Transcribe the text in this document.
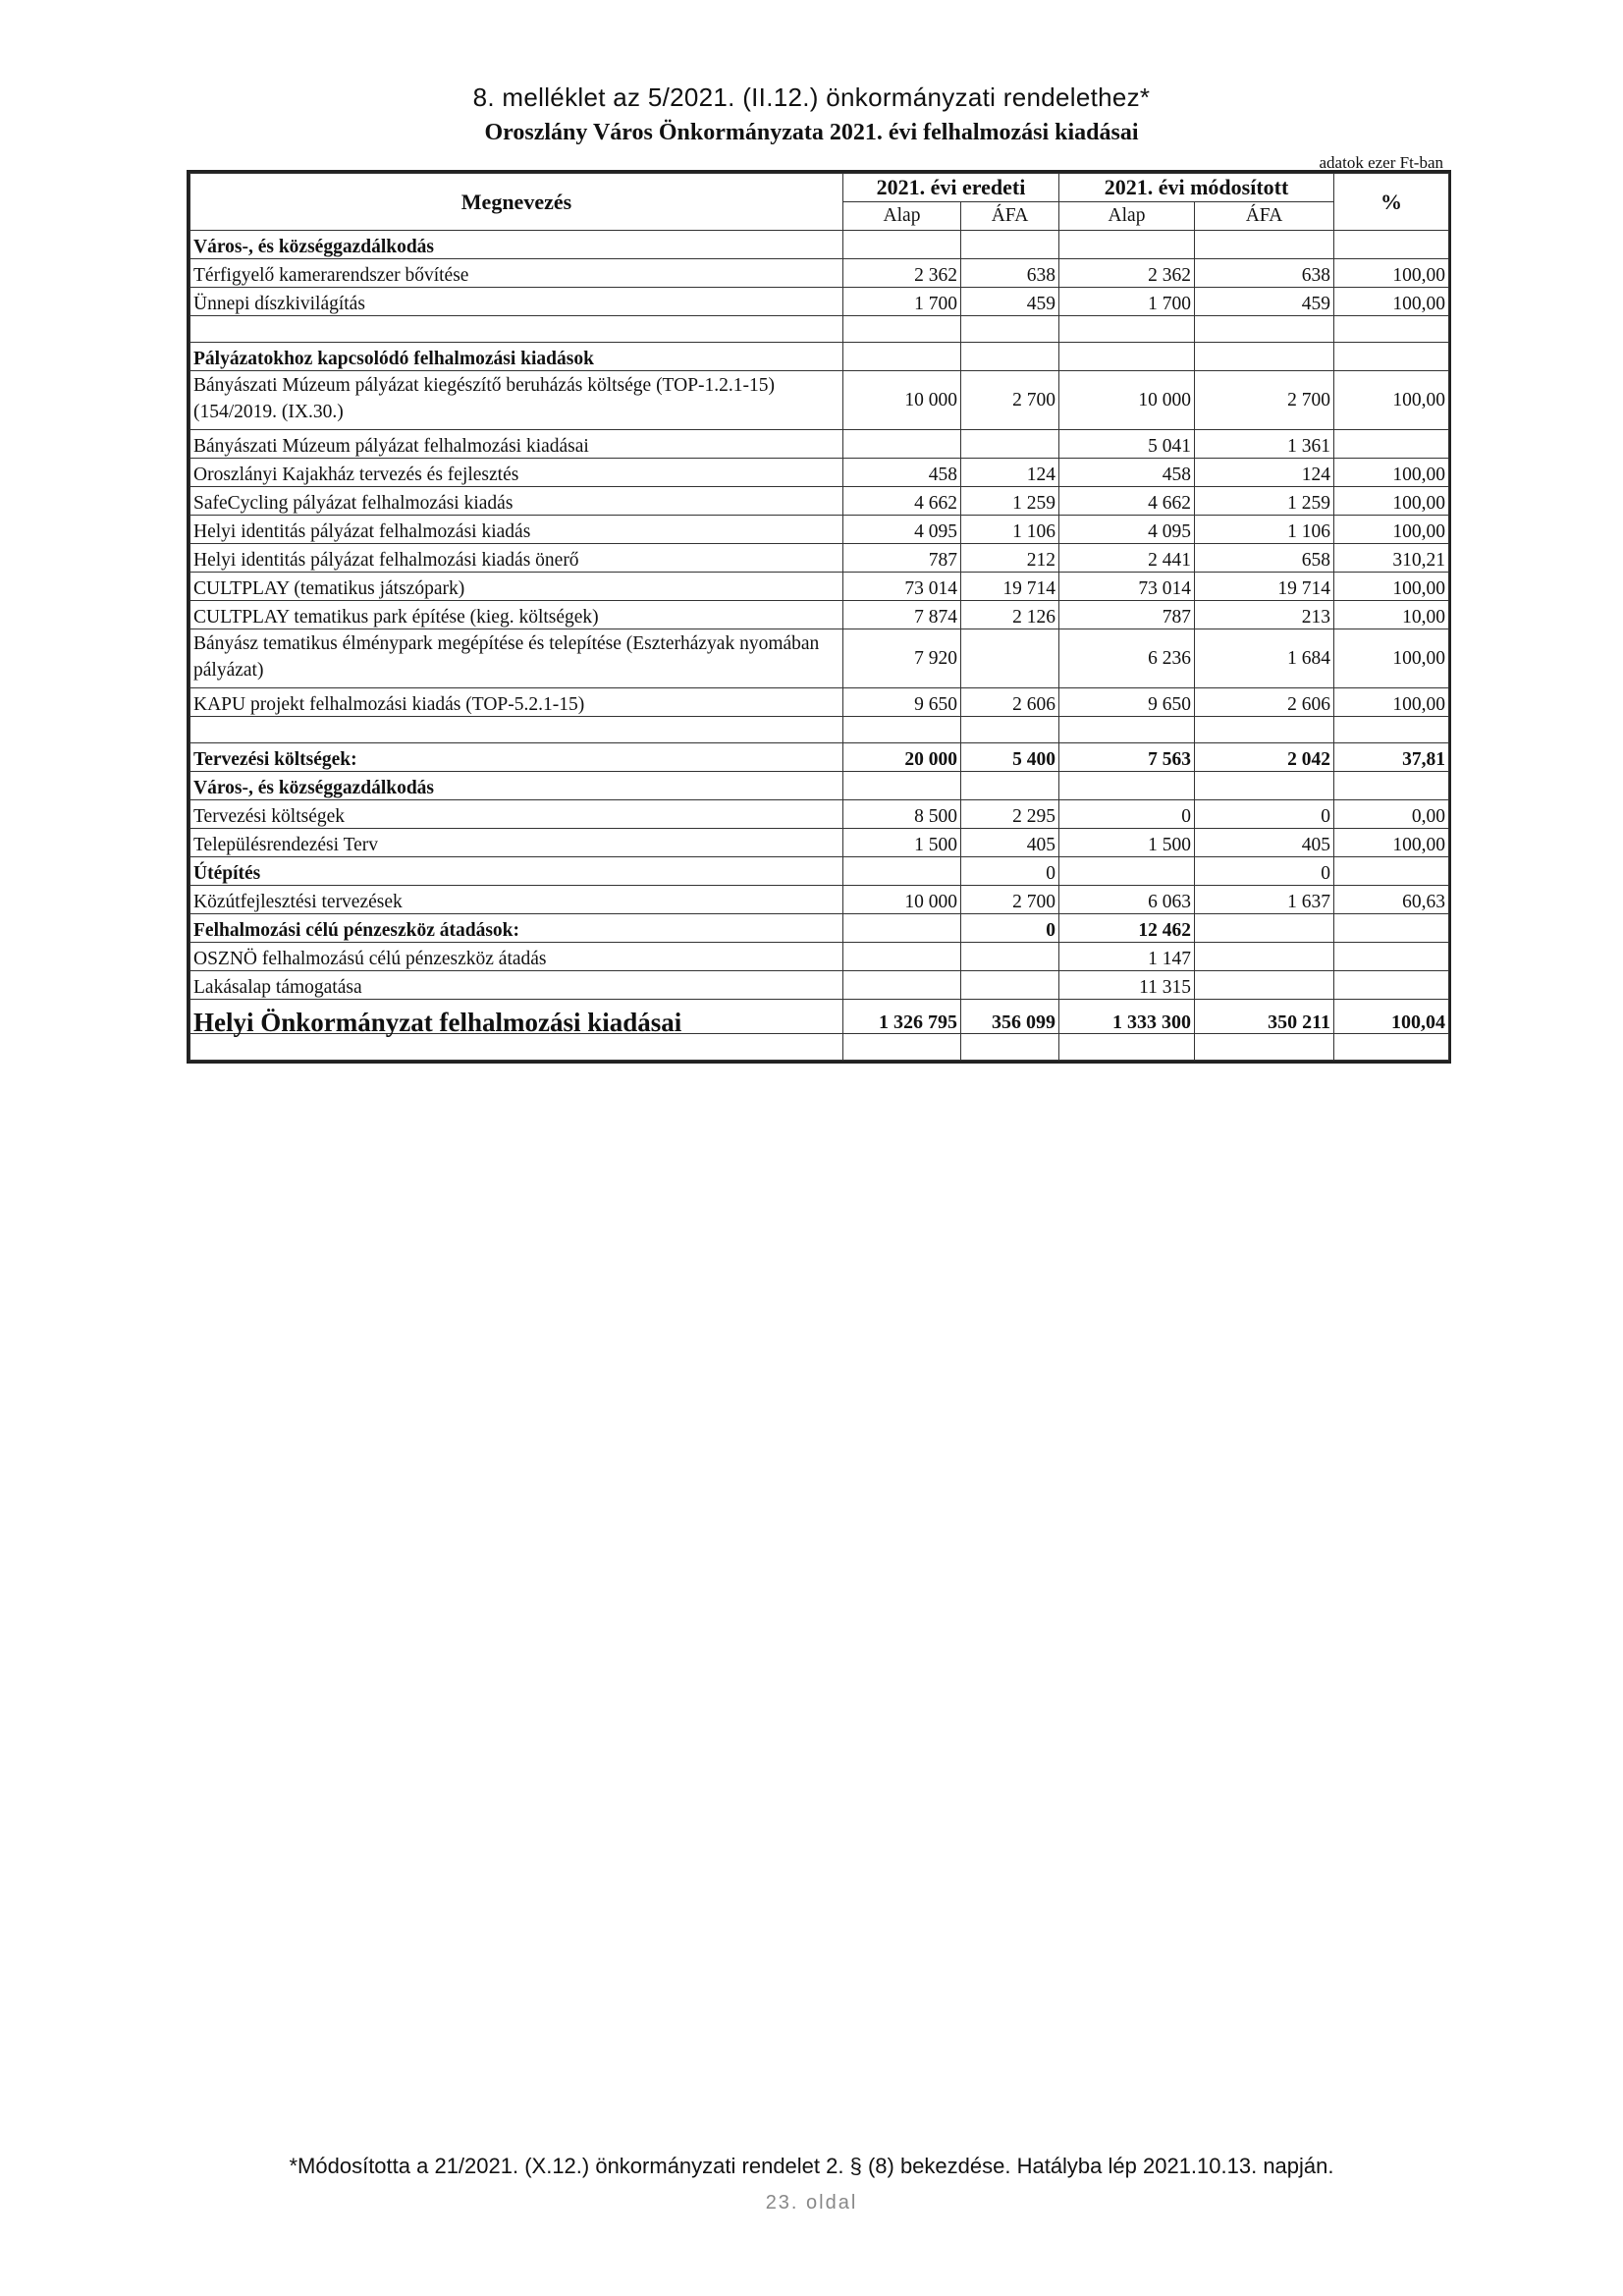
8. melléklet az 5/2021. (II.12.) önkormányzati rendelethez*
Oroszlány Város Önkormányzata 2021. évi felhalmozási kiadásai
adatok ezer Ft-ban
Megnevezés	2021. évi eredeti		2021. évi módosított		%
	Alap	ÁFA	Alap	ÁFA	
Város-, és községgazdálkodás					
Térfigyelő kamerarendszer bővítése	2 362	638	2 362	638	100,00
Ünnepi díszkivilágítás	1 700	459	1 700	459	100,00

Pályázatokhoz kapcsolódó felhalmozási kiadások					
Bányászati Múzeum pályázat kiegészítő beruházás költsége (TOP-1.2.1-15) (154/2019. (IX.30.)	10 000	2 700	10 000	2 700	100,00
Bányászati Múzeum pályázat felhalmozási kiadásai			5 041	1 361	
Oroszlányi Kajakház tervezés és fejlesztés	458	124	458	124	100,00
SafeCycling pályázat felhalmozási kiadás	4 662	1 259	4 662	1 259	100,00
Helyi identitás pályázat felhalmozási kiadás	4 095	1 106	4 095	1 106	100,00
Helyi identitás pályázat felhalmozási kiadás önerő	787	212	2 441	658	310,21
CULTPLAY (tematikus játszópark)	73 014	19 714	73 014	19 714	100,00
CULTPLAY tematikus park építése (kieg. költségek)	7 874	2 126	787	213	10,00
Bányász tematikus élménypark megépítése és telepítése (Eszterházyak nyomában pályázat)	7 920		6 236	1 684	100,00
KAPU projekt felhalmozási kiadás (TOP-5.2.1-15)	9 650	2 606	9 650	2 606	100,00

Tervezési költségek:	20 000	5 400	7 563	2 042	37,81
Város-, és községgazdálkodás					
Tervezési költségek	8 500	2 295	0	0	0,00
Településrendezési Terv	1 500	405	1 500	405	100,00
Útépítés		0		0	
Közútfejlesztési tervezések	10 000	2 700	6 063	1 637	60,63
Felhalmozási célú pénzeszköz átadások:		0	12 462		
OSZNÖ felhalmozású célú pénzeszköz átadás			1 147		
Lakásalap támogatása			11 315		
Helyi Önkormányzat felhalmozási kiadásai	1 326 795	356 099	1 333 300	350 211	100,04

*Módosította a 21/2021. (X.12.) önkormányzati rendelet 2. § (8) bekezdése. Hatályba lép 2021.10.13. napján.
23. oldal
